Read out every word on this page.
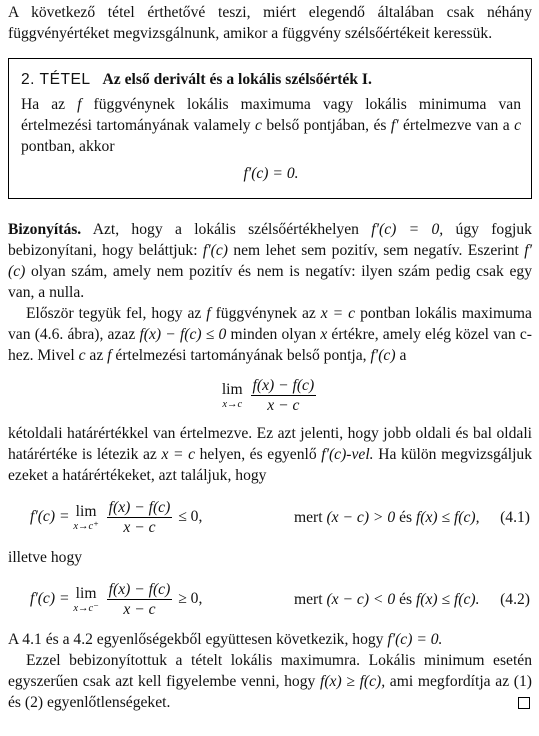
A következő tétel érthetővé teszi, miért elegendő általában csak néhány függvényértéket megvizsgálnunk, amikor a függvény szélsőértékeit keressük.

2. TÉTEL Az első derivált és a lokális szélsőérték I.

Ha az f függvénynek lokális maximuma vagy lokális minimuma van értelmezési tartományának valamely c belső pontjában, és f′ értelmezve van a c pontban, akkor

f′(c) = 0.

Bizonyítás. Azt, hogy a lokális szélsőértékhelyen f′(c) = 0, úgy fogjuk bebizonyítani, hogy beláttjuk: f′(c) nem lehet sem pozitív, sem negatív. Eszerint f′(c) olyan szám, amely nem pozitív és nem is negatív: ilyen szám pedig csak egy van, a nulla.

Először tegyük fel, hogy az f függvénynek az x = c pontban lokális maximuma van (4.6. ábra), azaz f(x) − f(c) ≤ 0 minden olyan x értékre, amely elég közel van c-hez. Mivel c az f értelmezési tartományának belső pontja, f′(c) a

lim
x→c
$\frac{f(x) - f(c)}{x - c}$

kétoldali határértékkel van értelmezve. Ez azt jelenti, hogy jobb oldali és bal oldali határértéke is létezik az x = c helyen, és egyenlő f′(c)-vel. Ha külön megvizsgáljuk ezeket a határértékeket, azt találjuk, hogy

f′(c) = lim
x→c⁺
$\frac{f(x) - f(c)}{x - c} \le 0$,	mert (x − c) > 0 és f(x) ≤ f(c),	(4.1)

illetve hogy

f′(c) = lim
x→c⁻
$\frac{f(x) - f(c)}{x - c} \ge 0$,	mert (x − c) < 0 és f(x) ≤ f(c).	(4.2)

A 4.1 és a 4.2 egyenlőségekből együttesen következik, hogy f′(c) = 0.

Ezzel bebizonyítottuk a tételt lokális maximumra. Lokális minimum esetén egyszerűen csak azt kell figyelembe venni, hogy f(x) ≥ f(c), ami megfordítja az (1) és (2) egyenlőtlenségeket.
